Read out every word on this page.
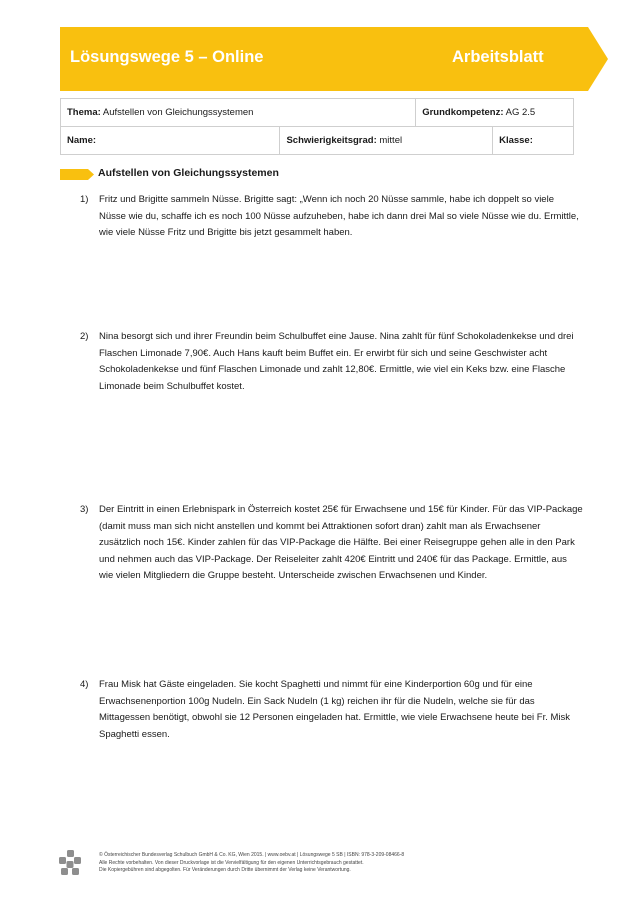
Lösungswege 5 – Online	Arbeitsblatt
Thema: Aufstellen von Gleichungssystemen		Grundkompetenz: AG 2.5	
Name:	Schwierigkeitsgrad: mittel		Klasse:
Aufstellen von Gleichungssystemen
1) Fritz und Brigitte sammeln Nüsse. Brigitte sagt: „Wenn ich noch 20 Nüsse sammle, habe ich doppelt so viele Nüsse wie du, schaffe ich es noch 100 Nüsse aufzuheben, habe ich dann drei Mal so viele Nüsse wie du. Ermittle, wie viele Nüsse Fritz und Brigitte bis jetzt gesammelt haben.
2) Nina besorgt sich und ihrer Freundin beim Schulbuffet eine Jause. Nina zahlt für fünf Schokoladenkekse und drei Flaschen Limonade 7,90€. Auch Hans kauft beim Buffet ein. Er erwirbt für sich und seine Geschwister acht Schokoladenkekse und fünf Flaschen Limonade und zahlt 12,80€. Ermittle, wie viel ein Keks bzw. eine Flasche Limonade beim Schulbuffet kostet.
3) Der Eintritt in einen Erlebnispark in Österreich kostet 25€ für Erwachsene und 15€ für Kinder. Für das VIP-Package (damit muss man sich nicht anstellen und kommt bei Attraktionen sofort dran) zahlt man als Erwachsener zusätzlich noch 15€. Kinder zahlen für das VIP-Package die Hälfte. Bei einer Reisegruppe gehen alle in den Park und nehmen auch das VIP-Package. Der Reiseleiter zahlt 420€ Eintritt und 240€ für das Package. Ermittle, aus wie vielen Mitgliedern die Gruppe besteht. Unterscheide zwischen Erwachsenen und Kinder.
4) Frau Misk hat Gäste eingeladen. Sie kocht Spaghetti und nimmt für eine Kinderportion 60g und für eine Erwachsenenportion 100g Nudeln. Ein Sack Nudeln (1 kg) reichen ihr für die Nudeln, welche sie für das Mittagessen benötigt, obwohl sie 12 Personen eingeladen hat. Ermittle, wie viele Erwachsene heute bei Fr. Misk Spaghetti essen.
© Österreichischer Bundesverlag Schulbuch GmbH & Co. KG, Wien 2015. | www.oebv.at | Lösungswege 5 SB | ISBN: 978-3-209-08466-8
Alle Rechte vorbehalten. Von dieser Druckvorlage ist die Vervielfältigung für den eigenen Unterrichtsgebrauch gestattet.
Die Kopiergebühren sind abgegolten. Für Veränderungen durch Dritte übernimmt der Verlag keine Verantwortung.
